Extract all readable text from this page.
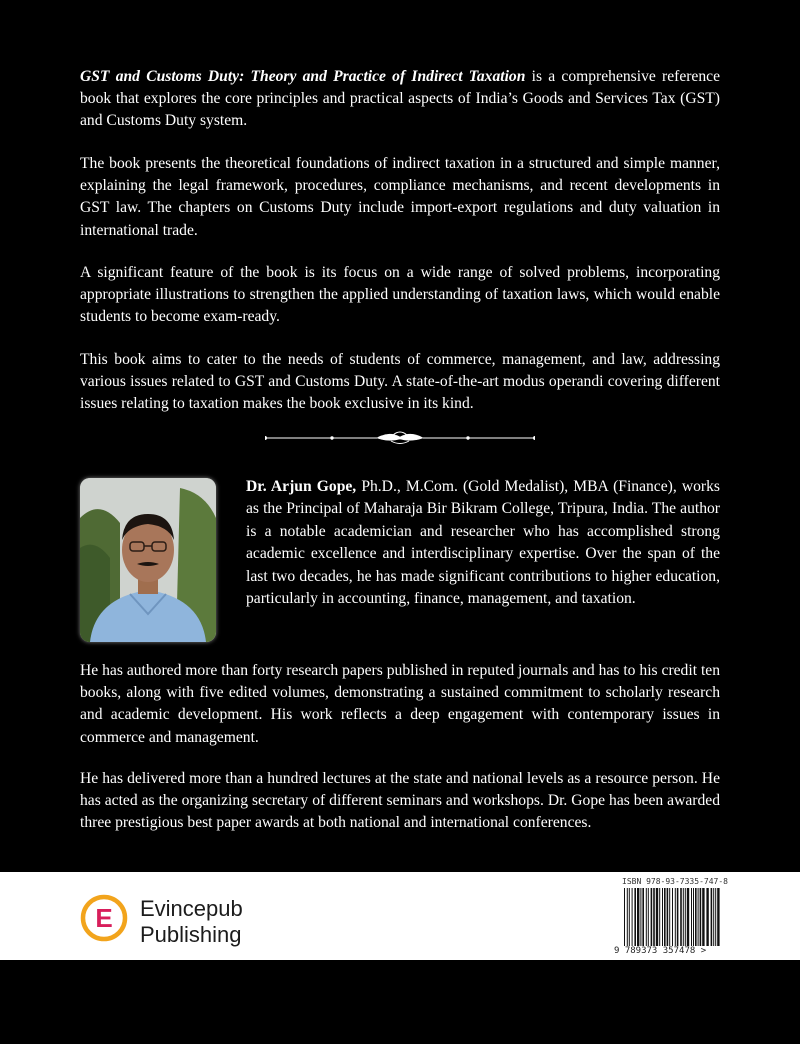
GST and Customs Duty: Theory and Practice of Indirect Taxation is a comprehensive reference book that explores the core principles and practical aspects of India’s Goods and Services Tax (GST) and Customs Duty system.

The book presents the theoretical foundations of indirect taxation in a structured and simple manner, explaining the legal framework, procedures, compliance mechanisms, and recent developments in GST law. The chapters on Customs Duty include import-export regulations and duty valuation in international trade.

A significant feature of the book is its focus on a wide range of solved problems, incorporating appropriate illustrations to strengthen the applied understanding of taxation laws, which would enable students to become exam-ready.

This book aims to cater to the needs of students of commerce, management, and law, addressing various issues related to GST and Customs Duty. A state-of-the-art modus operandi covering different issues relating to taxation makes the book exclusive in its kind.

Dr. Arjun Gope, Ph.D., M.Com. (Gold Medalist), MBA (Finance), works as the Principal of Maharaja Bir Bikram College, Tripura, India. The author is a notable academician and researcher who has accomplished strong academic excellence and interdisciplinary expertise. Over the span of the last two decades, he has made significant contributions to higher education, particularly in accounting, finance, management, and taxation.

He has authored more than forty research papers published in reputed journals and has to his credit ten books, along with five edited volumes, demonstrating a sustained commitment to scholarly research and academic development. His work reflects a deep engagement with contemporary issues in commerce and management.

He has delivered more than a hundred lectures at the state and national levels as a resource person. He has acted as the organizing secretary of different seminars and workshops. Dr. Gope has been awarded three prestigious best paper awards at both national and international conferences.

E Evincepub
Publishing
ISBN 978-93-7335-747-8
9 789373 357478 >
